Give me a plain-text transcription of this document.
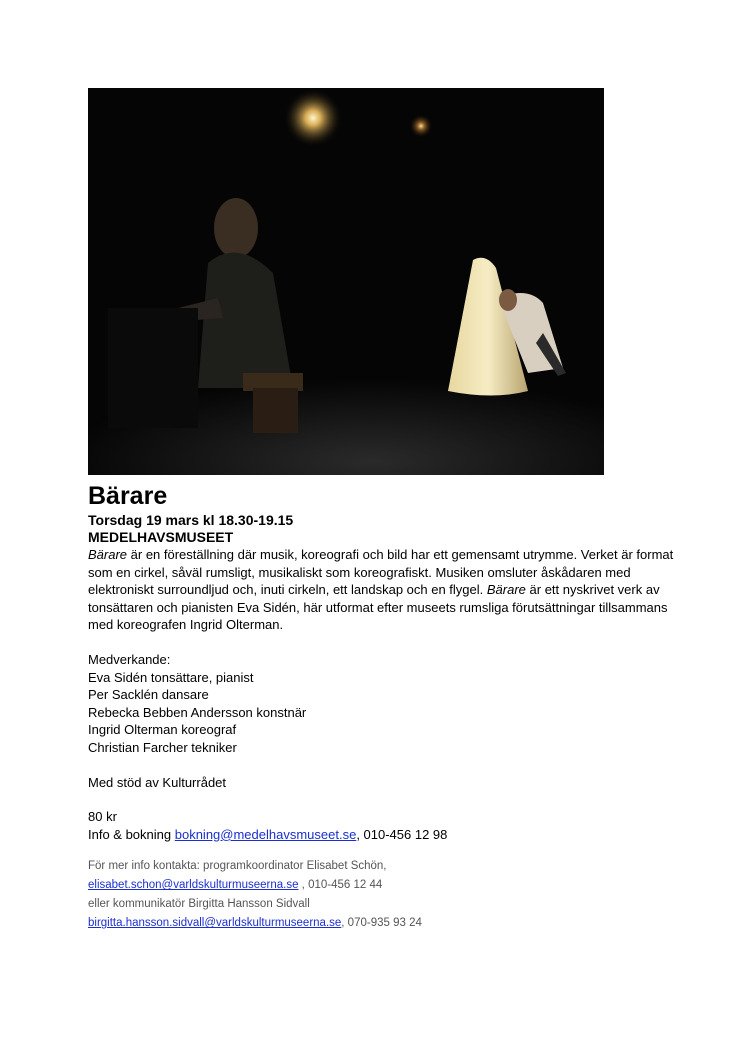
Bärare

Torsdag 19 mars kl 18.30-19.15

MEDELHAVSMUSEET

Bärare är en föreställning där musik, koreografi och bild har ett gemensamt utrymme. Verket är format som en cirkel, såväl rumsligt, musikaliskt som koreografiskt. Musiken omsluter åskådaren med elektroniskt surroundljud och, inuti cirkeln, ett landskap och en flygel. Bärare är ett nyskrivet verk av tonsättaren och pianisten Eva Sidén, här utformat efter museets rumsliga förutsättningar tillsammans med koreografen Ingrid Olterman.

Medverkande:

Eva Sidén tonsättare, pianist

Per Sacklén dansare

Rebecka Bebben Andersson konstnär

Ingrid Olterman koreograf

Christian Farcher tekniker

Med stöd av Kulturrådet

80 kr

Info & bokning bokning@medelhavsmuseet.se, 010-456 12 98

För mer info kontakta: programkoordinator Elisabet Schön,

elisabet.schon@varldskulturmuseerna.se , 010-456 12 44

eller kommunikatör Birgitta Hansson Sidvall

birgitta.hansson.sidvall@varldskulturmuseerna.se, 070-935 93 24
